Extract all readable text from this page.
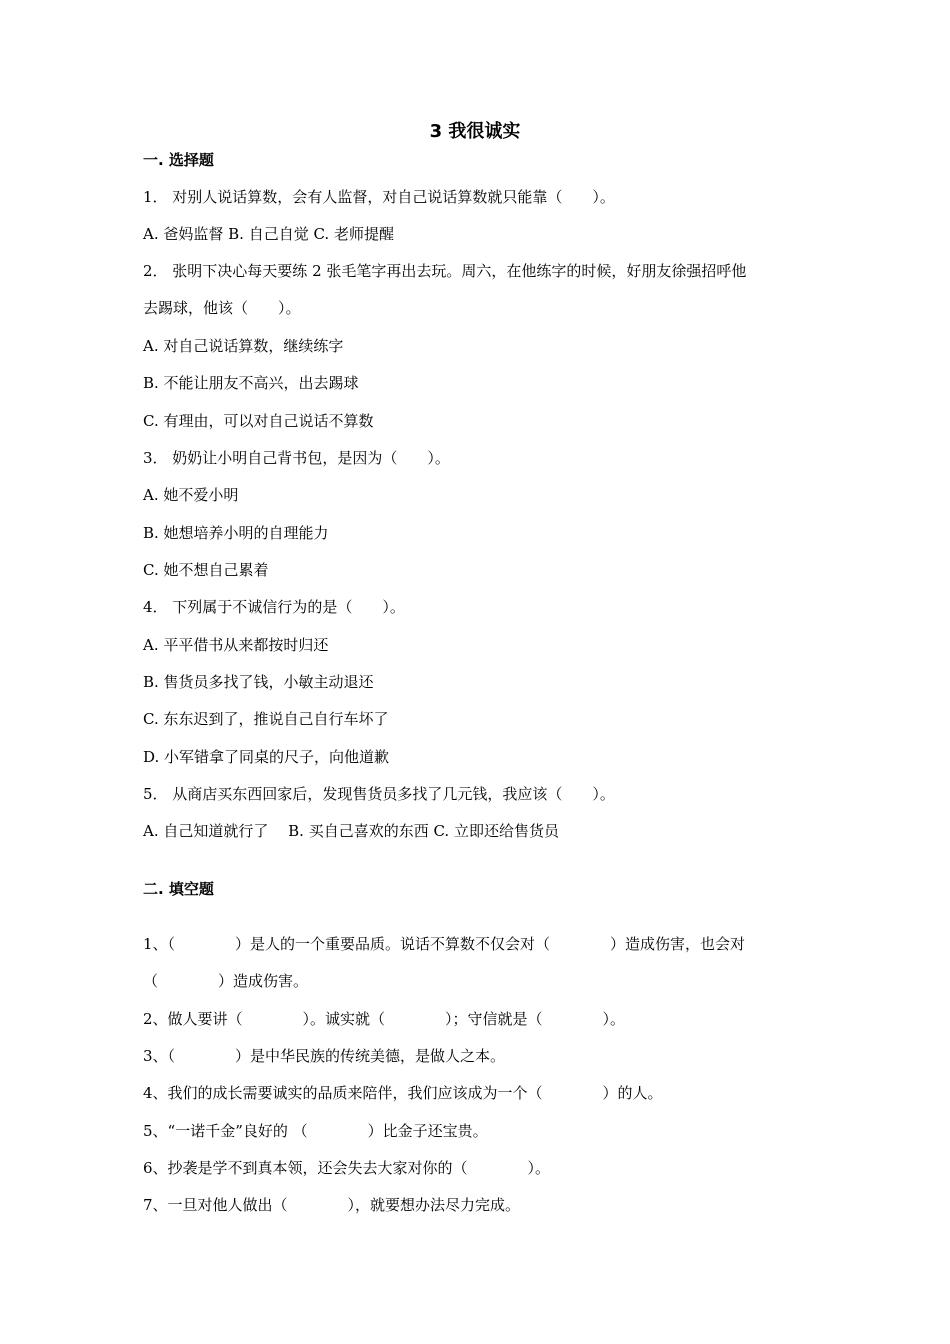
3 我很诚实
一. 选择题
1． 对别人说话算数，会有人监督，对自己说话算数就只能靠（　　）。
A. 爸妈监督 B. 自己自觉 C. 老师提醒
2． 张明下决心每天要练 2 张毛笔字再出去玩。周六，在他练字的时候，好朋友徐强招呼他
去踢球，他该（　　）。
A. 对自己说话算数，继续练字
B. 不能让朋友不高兴，出去踢球
C. 有理由，可以对自己说话不算数
3． 奶奶让小明自己背书包，是因为（　　）。
A. 她不爱小明
B. 她想培养小明的自理能力
C. 她不想自己累着
4． 下列属于不诚信行为的是（　　）。
A. 平平借书从来都按时归还
B. 售货员多找了钱，小敏主动退还
C. 东东迟到了，推说自己自行车坏了
D. 小军错拿了同桌的尺子，向他道歉
5． 从商店买东西回家后，发现售货员多找了几元钱，我应该（　　）。
A. 自己知道就行了　 B. 买自己喜欢的东西 C. 立即还给售货员
二. 填空题
1、（　　　　）是人的一个重要品质。说话不算数不仅会对（　　　　）造成伤害，也会对
（　　　　）造成伤害。
2、做人要讲（　　　　）。诚实就（　　　　）；守信就是（　　　　）。
3、（　　　　）是中华民族的传统美德，是做人之本。
4、我们的成长需要诚实的品质来陪伴，我们应该成为一个（　　　　）的人。
5、“一诺千金”良好的 （　　　　）比金子还宝贵。
6、抄袭是学不到真本领，还会失去大家对你的（　　　　）。
7、一旦对他人做出（　　　　），就要想办法尽力完成。
